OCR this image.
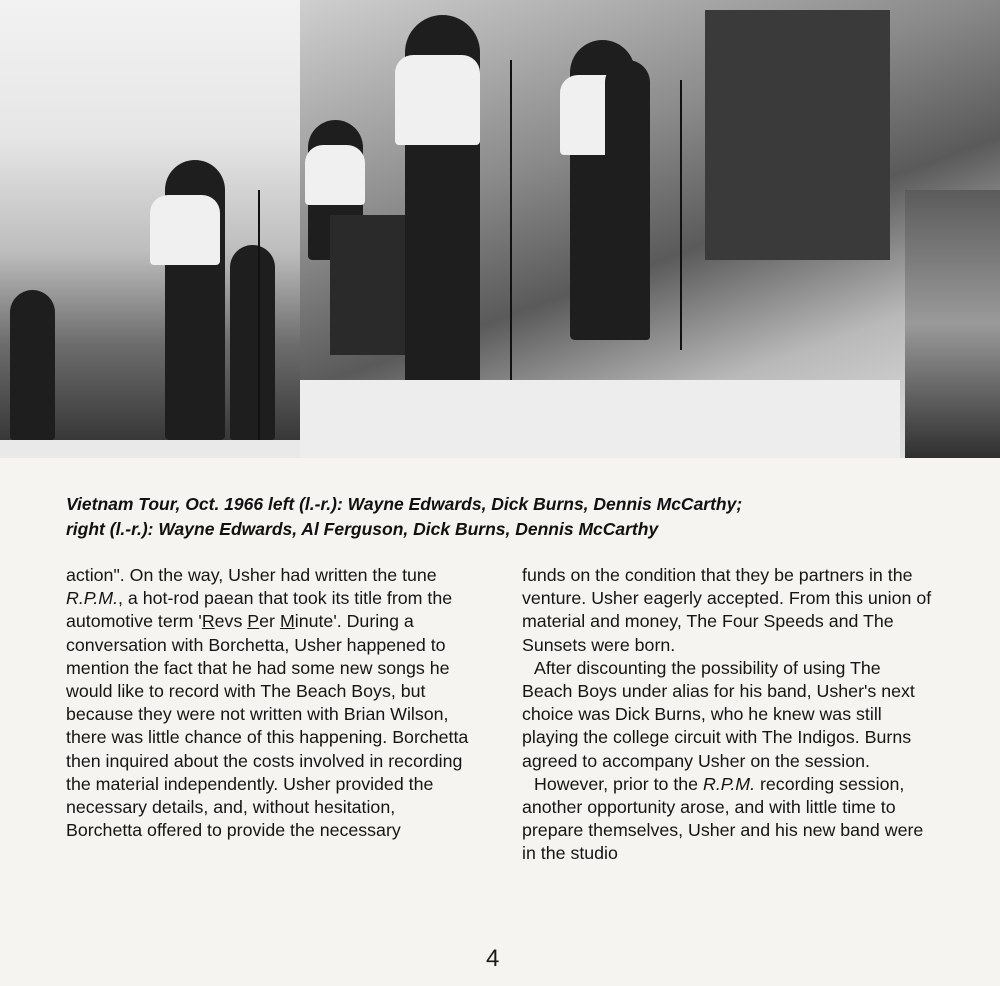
Vietnam Tour, Oct. 1966 left (l.-r.): Wayne Edwards, Dick Burns, Dennis McCarthy;
right (l.-r.): Wayne Edwards, Al Ferguson, Dick Burns, Dennis McCarthy

action". On the way, Usher had written the tune R.P.M., a hot-rod paean that took its title from the automotive term 'Revs Per Minute'. During a conversation with Borchetta, Usher happened to mention the fact that he had some new songs he would like to record with The Beach Boys, but because they were not written with Brian Wilson, there was little chance of this happening. Borchetta then inquired about the costs involved in recording the material independently. Usher provided the necessary details, and, without hesitation, Borchetta offered to provide the necessary

funds on the condition that they be partners in the venture. Usher eagerly accepted. From this union of material and money, The Four Speeds and The Sunsets were born.

After discounting the possibility of using The Beach Boys under alias for his band, Usher's next choice was Dick Burns, who he knew was still playing the college circuit with The Indigos. Burns agreed to accompany Usher on the session.

However, prior to the R.P.M. recording session, another opportunity arose, and with little time to prepare themselves, Usher and his new band were in the studio

4
